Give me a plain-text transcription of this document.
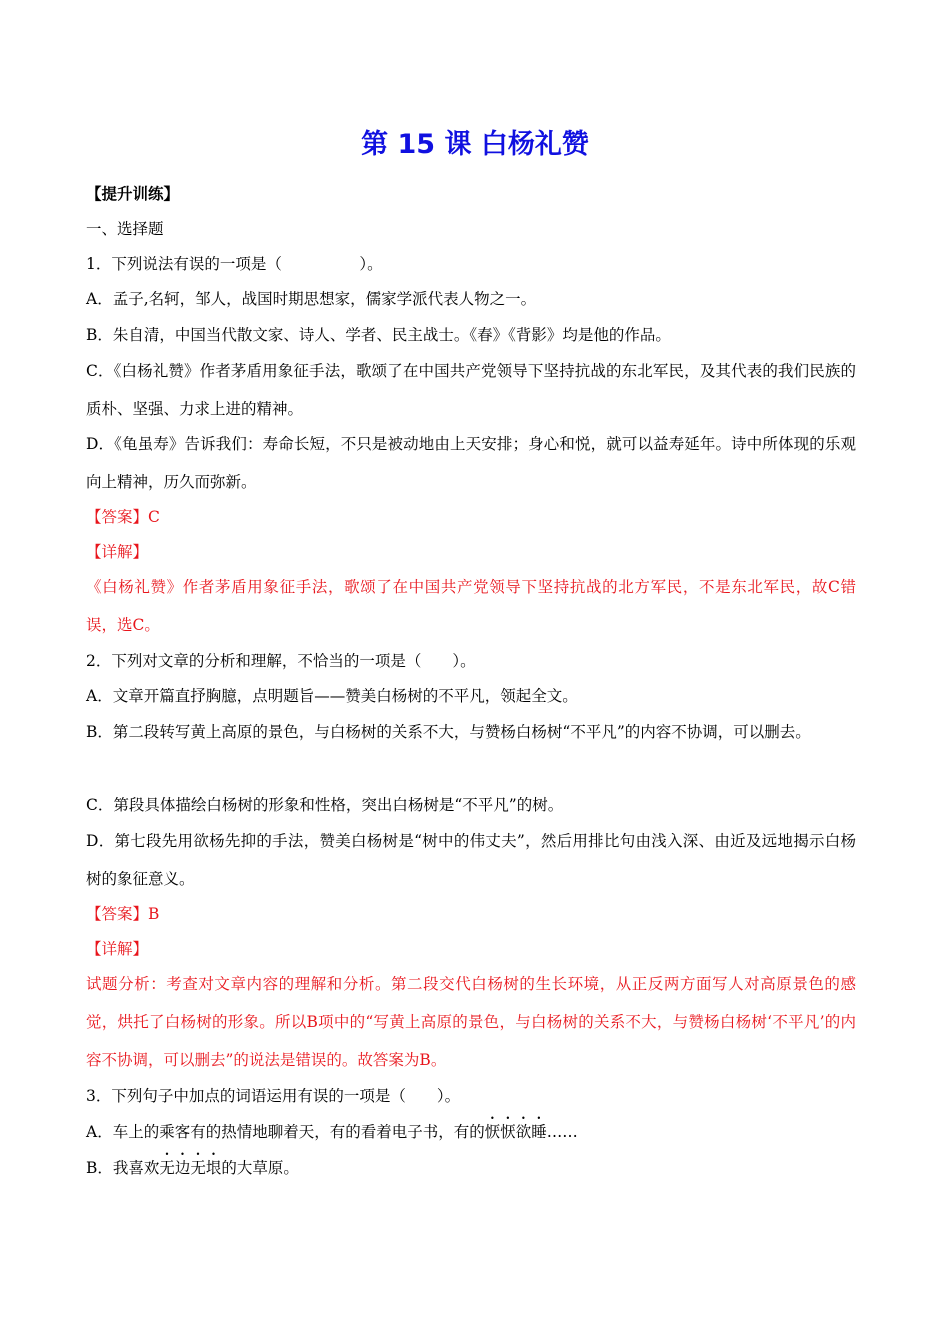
第 15 课 白杨礼赞
【提升训练】
一、选择题
1．下列说法有误的一项是（　　　　　）。
A．孟子,名轲，邹人，战国时期思想家，儒家学派代表人物之一。
B．朱自清，中国当代散文家、诗人、学者、民主战士。《春》《背影》均是他的作品。
C．《白杨礼赞》作者茅盾用象征手法，歌颂了在中国共产党领导下坚持抗战的东北军民，及其代表的我们民族的质朴、坚强、力求上进的精神。
D．《龟虽寿》告诉我们：寿命长短，不只是被动地由上天安排；身心和悦，就可以益寿延年。诗中所体现的乐观向上精神，历久而弥新。
【答案】C
【详解】
《白杨礼赞》作者茅盾用象征手法，歌颂了在中国共产党领导下坚持抗战的北方军民，不是东北军民，故C错误，选C。
2．下列对文章的分析和理解，不恰当的一项是（　　）。
A．文章开篇直抒胸臆，点明题旨——赞美白杨树的不平凡，领起全文。
B．第二段转写黄上高原的景色，与白杨树的关系不大，与赞杨白杨树“不平凡”的内容不协调，可以删去。
C．第段具体描绘白杨树的形象和性格，突出白杨树是“不平凡”的树。
D．第七段先用欲杨先抑的手法，赞美白杨树是“树中的伟丈夫”，然后用排比句由浅入深、由近及远地揭示白杨树的象征意义。
【答案】B
【详解】
试题分析：考查对文章内容的理解和分析。第二段交代白杨树的生长环境，从正反两方面写人对高原景色的感觉，烘托了白杨树的形象。所以B项中的“写黄上高原的景色，与白杨树的关系不大，与赞杨白杨树‘不平凡’的内容不协调，可以删去”的说法是错误的。故答案为B。
3．下列句子中加点的词语运用有误的一项是（　　）。
A．车上的乘客有的热情地聊着天，有的看着电子书，有的恹恹欲睡……
B．我喜欢无边无垠的大草原。
